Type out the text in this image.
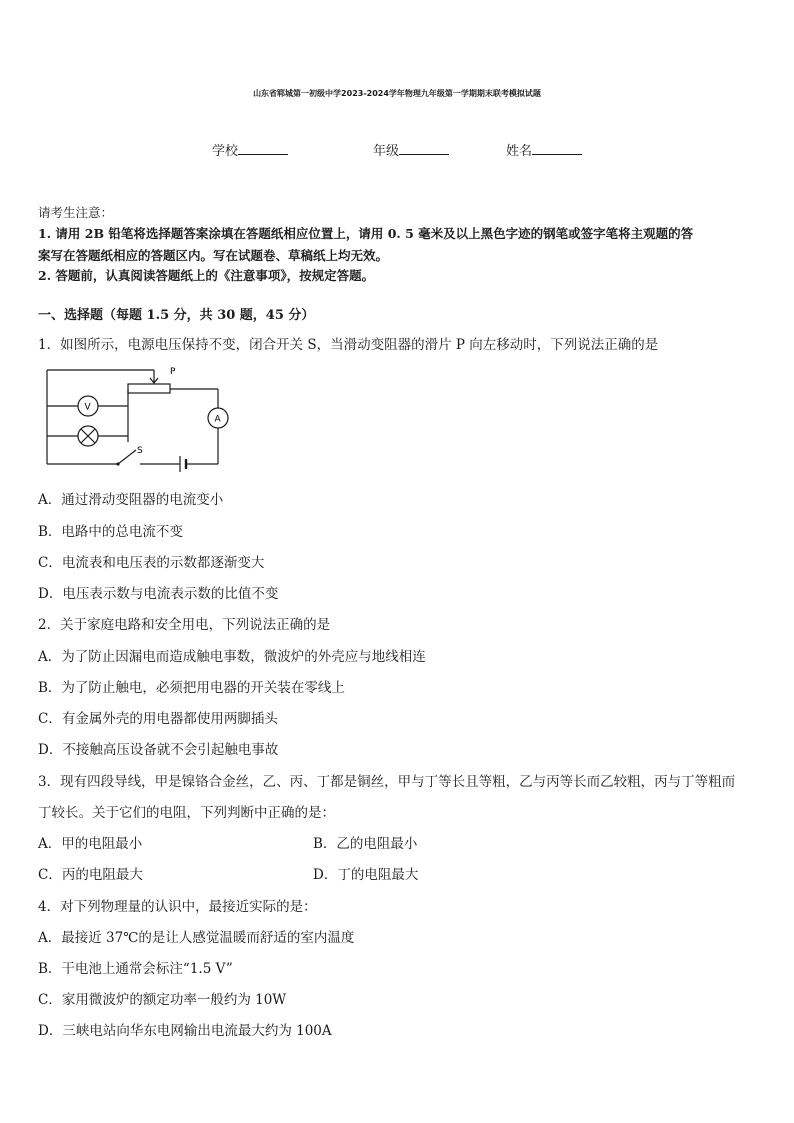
山东省郓城第一初级中学2023-2024学年物理九年级第一学期期末联考模拟试题
学校	年级	姓名
请考生注意：
1. 请用 2B 铅笔将选择题答案涂填在答题纸相应位置上，请用 0. 5 毫米及以上黑色字迹的钢笔或签字笔将主观题的答
案写在答题纸相应的答题区内。写在试题卷、草稿纸上均无效。
2. 答题前，认真阅读答题纸上的《注意事项》，按规定答题。
一、选择题（每题 1.5 分，共 30 题，45 分）
1．如图所示，电源电压保持不变，闭合开关 S，当滑动变阻器的滑片 P 向左移动时，下列说法正确的是
P
V
A
S
A．通过滑动变阻器的电流变小
B．电路中的总电流不变
C．电流表和电压表的示数都逐渐变大
D．电压表示数与电流表示数的比值不变
2．关于家庭电路和安全用电，下列说法正确的是
A．为了防止因漏电而造成触电事数，微波炉的外壳应与地线相连
B．为了防止触电，必须把用电器的开关装在零线上
C．有金属外壳的用电器都使用两脚插头
D．不接触高压设备就不会引起触电事故
3．现有四段导线，甲是镍铬合金丝，乙、丙、丁都是铜丝，甲与丁等长且等粗，乙与丙等长而乙较粗，丙与丁等粗而
丁较长。关于它们的电阻，下列判断中正确的是：
A．甲的电阻最小	B．乙的电阻最小
C．丙的电阻最大	D．丁的电阻最大
4．对下列物理量的认识中，最接近实际的是：
A．最接近 37℃的是让人感觉温暖而舒适的室内温度
B．干电池上通常会标注“1.5 V”
C．家用微波炉的额定功率一般约为 10W
D．三峡电站向华东电网输出电流最大约为 100A
